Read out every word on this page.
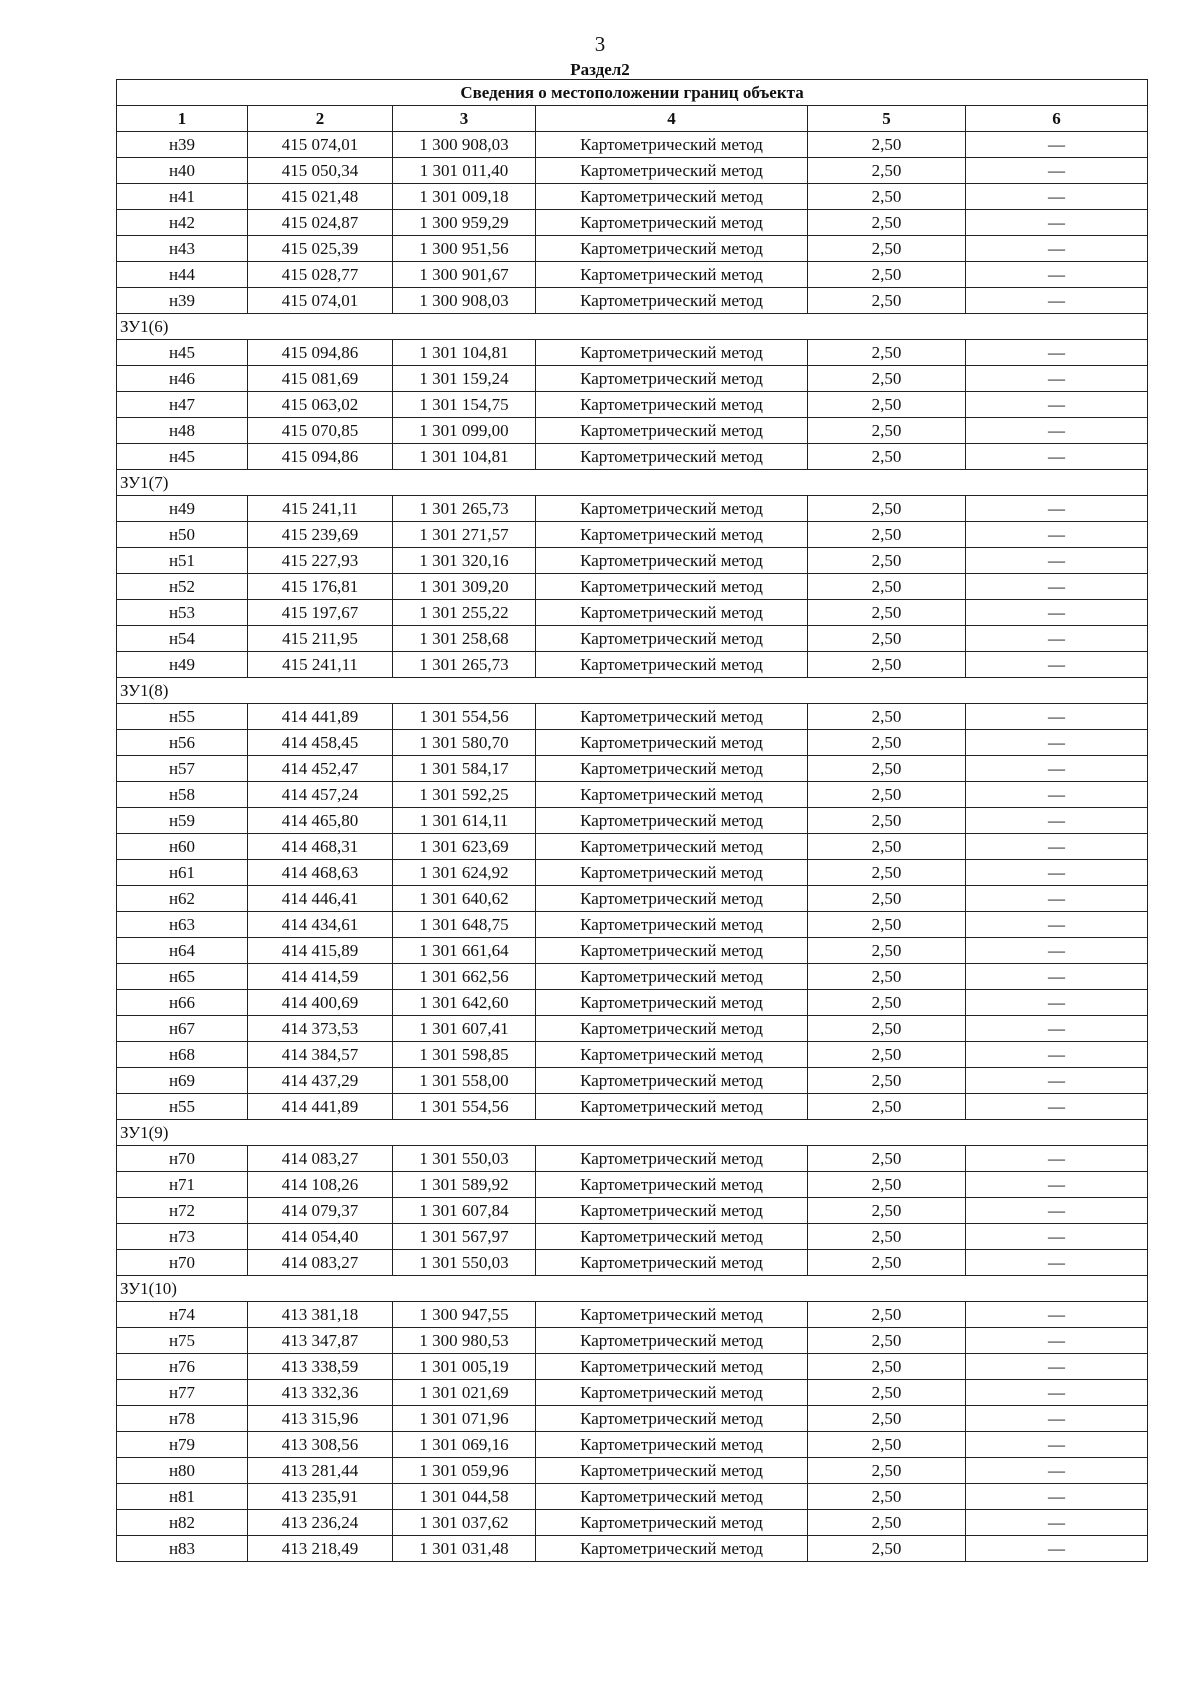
3
Раздел2
Сведения о местоположении границ объекта					
1	2	3	4	5	6
н39	415 074,01	1 300 908,03	Картометрический метод	2,50	—
н40	415 050,34	1 301 011,40	Картометрический метод	2,50	—
н41	415 021,48	1 301 009,18	Картометрический метод	2,50	—
н42	415 024,87	1 300 959,29	Картометрический метод	2,50	—
н43	415 025,39	1 300 951,56	Картометрический метод	2,50	—
н44	415 028,77	1 300 901,67	Картометрический метод	2,50	—
н39	415 074,01	1 300 908,03	Картометрический метод	2,50	—
ЗУ1(6)					
н45	415 094,86	1 301 104,81	Картометрический метод	2,50	—
н46	415 081,69	1 301 159,24	Картометрический метод	2,50	—
н47	415 063,02	1 301 154,75	Картометрический метод	2,50	—
н48	415 070,85	1 301 099,00	Картометрический метод	2,50	—
н45	415 094,86	1 301 104,81	Картометрический метод	2,50	—
ЗУ1(7)					
н49	415 241,11	1 301 265,73	Картометрический метод	2,50	—
н50	415 239,69	1 301 271,57	Картометрический метод	2,50	—
н51	415 227,93	1 301 320,16	Картометрический метод	2,50	—
н52	415 176,81	1 301 309,20	Картометрический метод	2,50	—
н53	415 197,67	1 301 255,22	Картометрический метод	2,50	—
н54	415 211,95	1 301 258,68	Картометрический метод	2,50	—
н49	415 241,11	1 301 265,73	Картометрический метод	2,50	—
ЗУ1(8)					
н55	414 441,89	1 301 554,56	Картометрический метод	2,50	—
н56	414 458,45	1 301 580,70	Картометрический метод	2,50	—
н57	414 452,47	1 301 584,17	Картометрический метод	2,50	—
н58	414 457,24	1 301 592,25	Картометрический метод	2,50	—
н59	414 465,80	1 301 614,11	Картометрический метод	2,50	—
н60	414 468,31	1 301 623,69	Картометрический метод	2,50	—
н61	414 468,63	1 301 624,92	Картометрический метод	2,50	—
н62	414 446,41	1 301 640,62	Картометрический метод	2,50	—
н63	414 434,61	1 301 648,75	Картометрический метод	2,50	—
н64	414 415,89	1 301 661,64	Картометрический метод	2,50	—
н65	414 414,59	1 301 662,56	Картометрический метод	2,50	—
н66	414 400,69	1 301 642,60	Картометрический метод	2,50	—
н67	414 373,53	1 301 607,41	Картометрический метод	2,50	—
н68	414 384,57	1 301 598,85	Картометрический метод	2,50	—
н69	414 437,29	1 301 558,00	Картометрический метод	2,50	—
н55	414 441,89	1 301 554,56	Картометрический метод	2,50	—
ЗУ1(9)					
н70	414 083,27	1 301 550,03	Картометрический метод	2,50	—
н71	414 108,26	1 301 589,92	Картометрический метод	2,50	—
н72	414 079,37	1 301 607,84	Картометрический метод	2,50	—
н73	414 054,40	1 301 567,97	Картометрический метод	2,50	—
н70	414 083,27	1 301 550,03	Картометрический метод	2,50	—
ЗУ1(10)					
н74	413 381,18	1 300 947,55	Картометрический метод	2,50	—
н75	413 347,87	1 300 980,53	Картометрический метод	2,50	—
н76	413 338,59	1 301 005,19	Картометрический метод	2,50	—
н77	413 332,36	1 301 021,69	Картометрический метод	2,50	—
н78	413 315,96	1 301 071,96	Картометрический метод	2,50	—
н79	413 308,56	1 301 069,16	Картометрический метод	2,50	—
н80	413 281,44	1 301 059,96	Картометрический метод	2,50	—
н81	413 235,91	1 301 044,58	Картометрический метод	2,50	—
н82	413 236,24	1 301 037,62	Картометрический метод	2,50	—
н83	413 218,49	1 301 031,48	Картометрический метод	2,50	—
